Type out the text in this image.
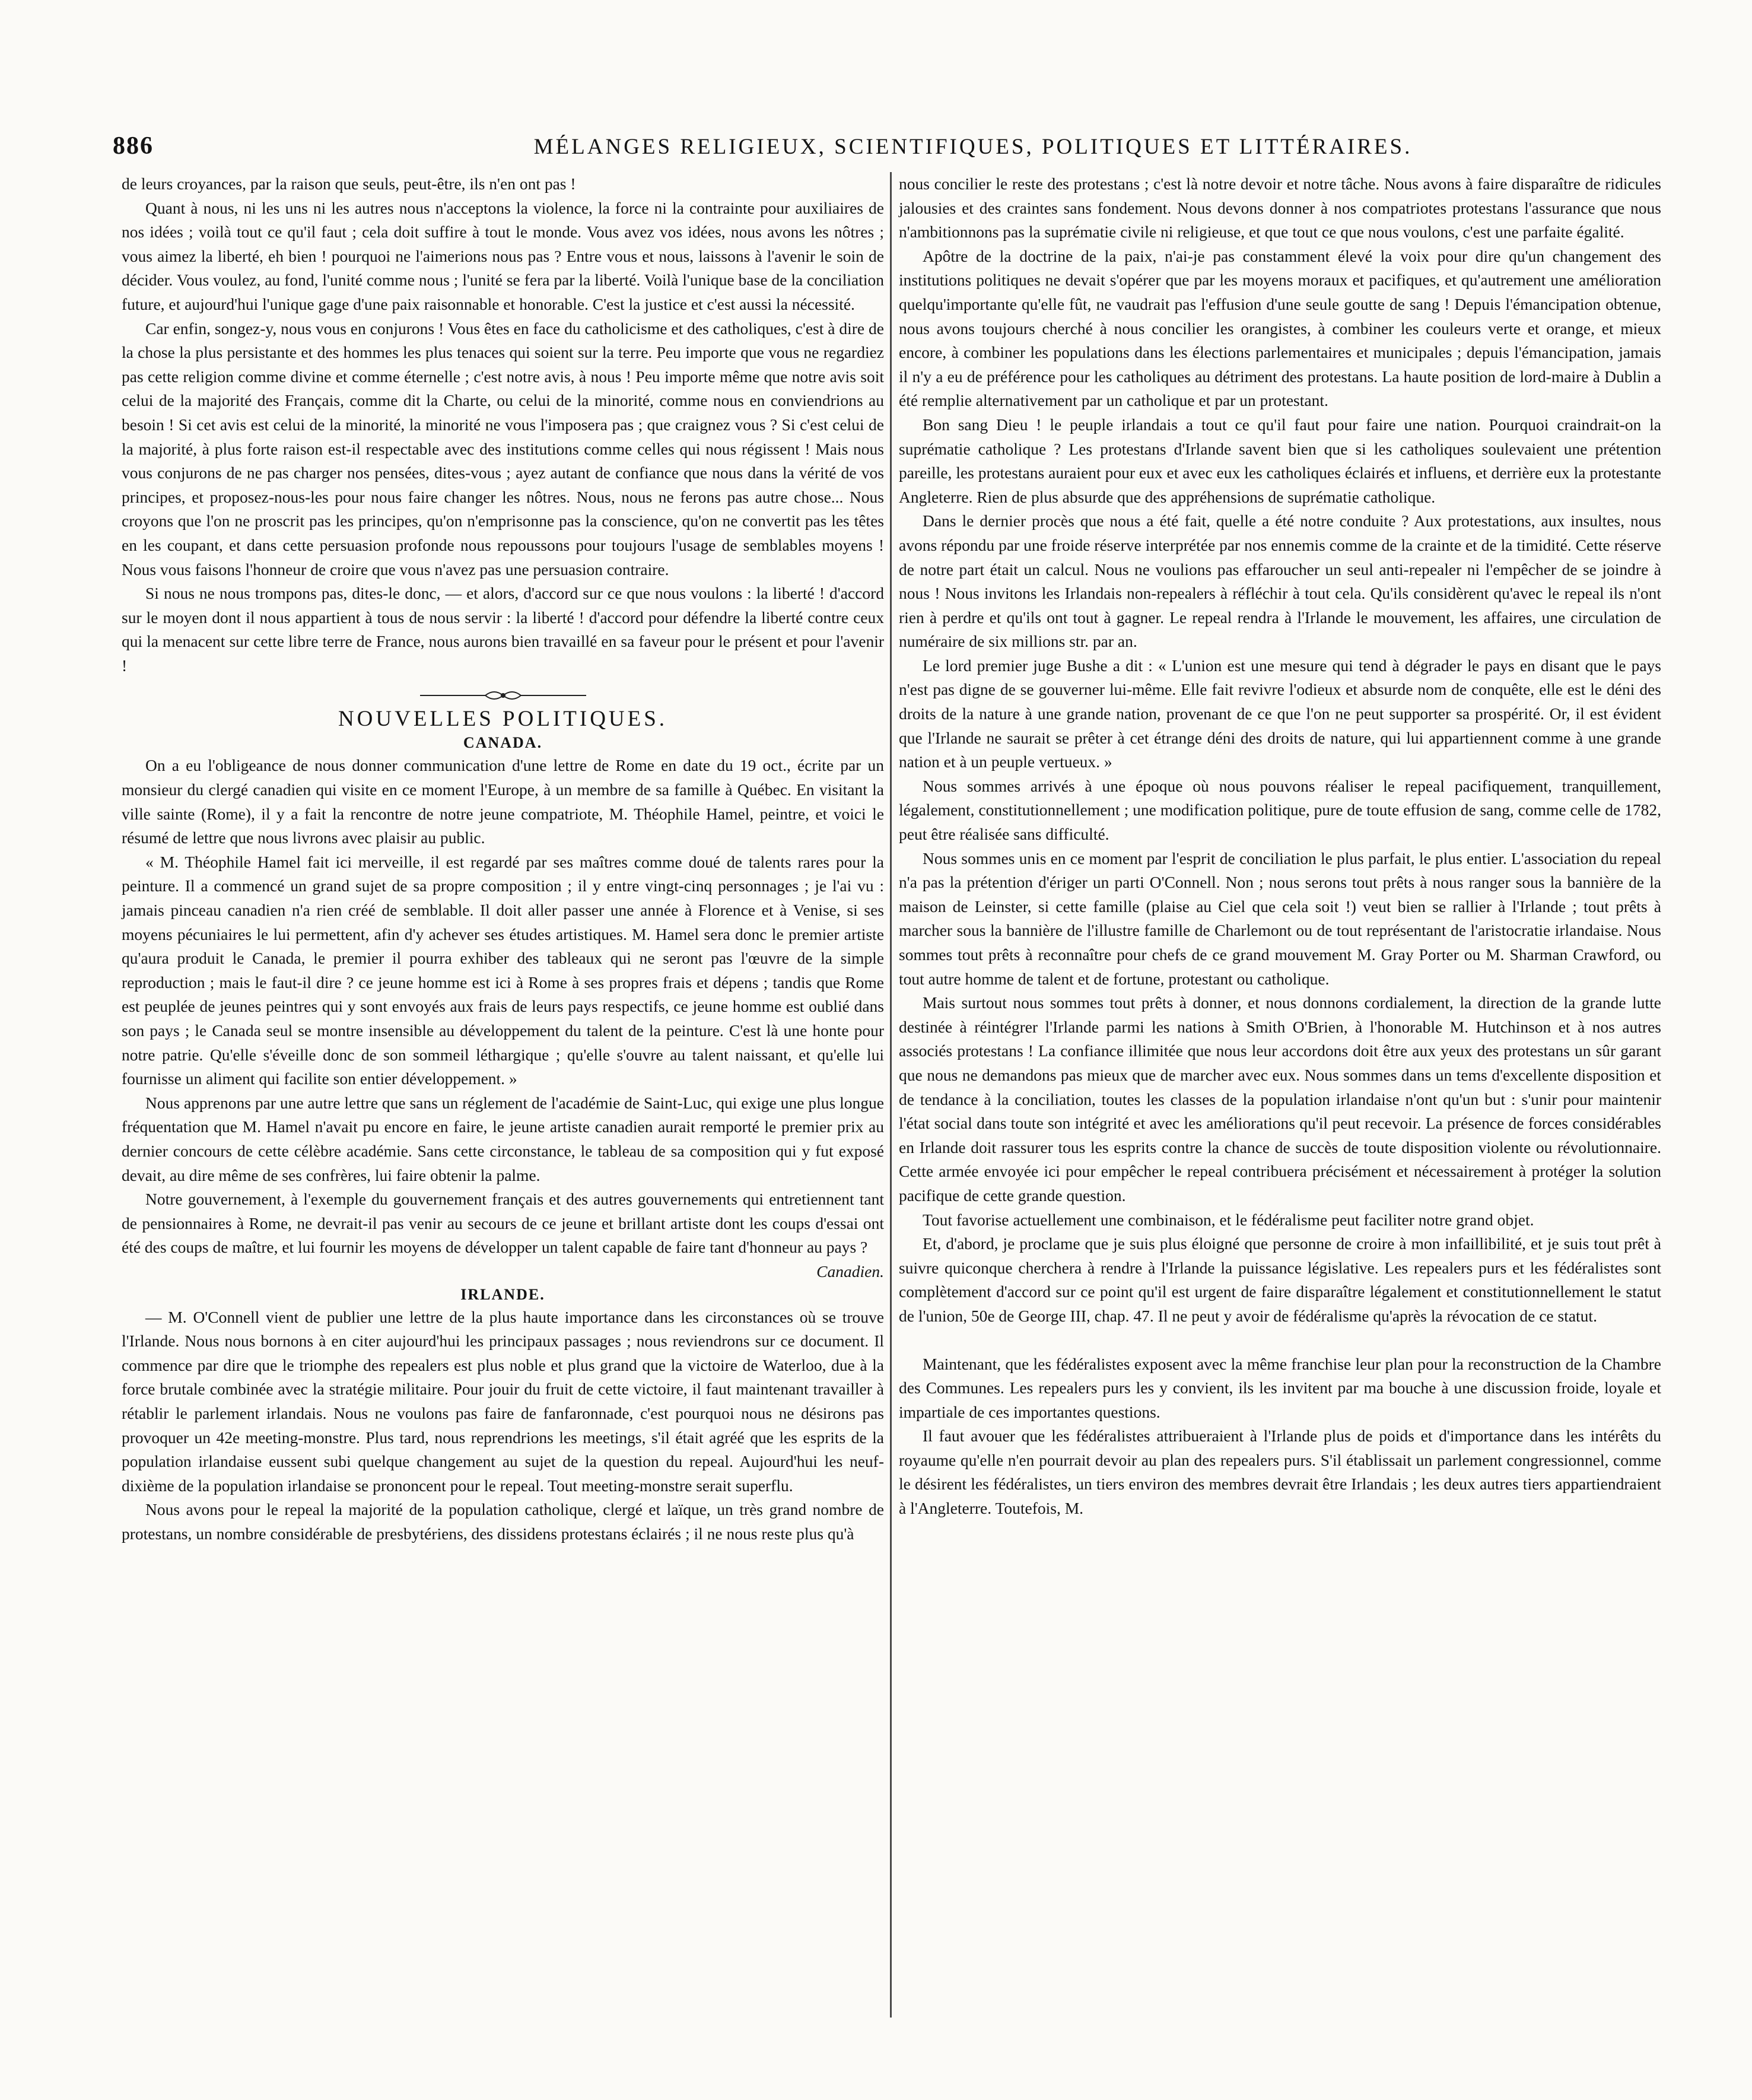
886	MÉLANGES RELIGIEUX, SCIENTIFIQUES, POLITIQUES ET LITTÉRAIRES.

de leurs croyances, par la raison que seuls, peut-être, ils n'en ont pas !

Quant à nous, ni les uns ni les autres nous n'acceptons la violence, la force ni la contrainte pour auxiliaires de nos idées ; voilà tout ce qu'il faut ; cela doit suffire à tout le monde. Vous avez vos idées, nous avons les nôtres ; vous aimez la liberté, eh bien ! pourquoi ne l'aimerions nous pas ? Entre vous et nous, laissons à l'avenir le soin de décider. Vous voulez, au fond, l'unité comme nous ; l'unité se fera par la liberté. Voilà l'unique base de la conciliation future, et aujourd'hui l'unique gage d'une paix raisonnable et honorable. C'est la justice et c'est aussi la nécessité.

Car enfin, songez-y, nous vous en conjurons ! Vous êtes en face du catholicisme et des catholiques, c'est à dire de la chose la plus persistante et des hommes les plus tenaces qui soient sur la terre. Peu importe que vous ne regardiez pas cette religion comme divine et comme éternelle ; c'est notre avis, à nous ! Peu importe même que notre avis soit celui de la majorité des Français, comme dit la Charte, ou celui de la minorité, comme nous en conviendrions au besoin ! Si cet avis est celui de la minorité, la minorité ne vous l'imposera pas ; que craignez vous ? Si c'est celui de la majorité, à plus forte raison est-il respectable avec des institutions comme celles qui nous régissent ! Mais nous vous conjurons de ne pas charger nos pensées, dites-vous ; ayez autant de confiance que nous dans la vérité de vos principes, et proposez-nous-les pour nous faire changer les nôtres. Nous, nous ne ferons pas autre chose... Nous croyons que l'on ne proscrit pas les principes, qu'on n'emprisonne pas la conscience, qu'on ne convertit pas les têtes en les coupant, et dans cette persuasion profonde nous repoussons pour toujours l'usage de semblables moyens ! Nous vous faisons l'honneur de croire que vous n'avez pas une persuasion contraire.

Si nous ne nous trompons pas, dites-le donc, — et alors, d'accord sur ce que nous voulons : la liberté ! d'accord sur le moyen dont il nous appartient à tous de nous servir : la liberté ! d'accord pour défendre la liberté contre ceux qui la menacent sur cette libre terre de France, nous aurons bien travaillé en sa faveur pour le présent et pour l'avenir !

NOUVELLES POLITIQUES.
CANADA.

On a eu l'obligeance de nous donner communication d'une lettre de Rome en date du 19 oct., écrite par un monsieur du clergé canadien qui visite en ce moment l'Europe, à un membre de sa famille à Québec. En visitant la ville sainte (Rome), il y a fait la rencontre de notre jeune compatriote, M. Théophile Hamel, peintre, et voici le résumé de lettre que nous livrons avec plaisir au public.

« M. Théophile Hamel fait ici merveille, il est regardé par ses maîtres comme doué de talents rares pour la peinture. Il a commencé un grand sujet de sa propre composition ; il y entre vingt-cinq personnages ; je l'ai vu : jamais pinceau canadien n'a rien créé de semblable. Il doit aller passer une année à Florence et à Venise, si ses moyens pécuniaires le lui permettent, afin d'y achever ses études artistiques. M. Hamel sera donc le premier artiste qu'aura produit le Canada, le premier il pourra exhiber des tableaux qui ne seront pas l'œuvre de la simple reproduction ; mais le faut-il dire ? ce jeune homme est ici à Rome à ses propres frais et dépens ; tandis que Rome est peuplée de jeunes peintres qui y sont envoyés aux frais de leurs pays respectifs, ce jeune homme est oublié dans son pays ; le Canada seul se montre insensible au développement du talent de la peinture. C'est là une honte pour notre patrie. Qu'elle s'éveille donc de son sommeil léthargique ; qu'elle s'ouvre au talent naissant, et qu'elle lui fournisse un aliment qui facilite son entier développement. »

Nous apprenons par une autre lettre que sans un réglement de l'académie de Saint-Luc, qui exige une plus longue fréquentation que M. Hamel n'avait pu encore en faire, le jeune artiste canadien aurait remporté le premier prix au dernier concours de cette célèbre académie. Sans cette circonstance, le tableau de sa composition qui y fut exposé devait, au dire même de ses confrères, lui faire obtenir la palme.

Notre gouvernement, à l'exemple du gouvernement français et des autres gouvernements qui entretiennent tant de pensionnaires à Rome, ne devrait-il pas venir au secours de ce jeune et brillant artiste dont les coups d'essai ont été des coups de maître, et lui fournir les moyens de développer un talent capable de faire tant d'honneur au pays ?

Canadien.
IRLANDE.

— M. O'Connell vient de publier une lettre de la plus haute importance dans les circonstances où se trouve l'Irlande. Nous nous bornons à en citer aujourd'hui les principaux passages ; nous reviendrons sur ce document. Il commence par dire que le triomphe des repealers est plus noble et plus grand que la victoire de Waterloo, due à la force brutale combinée avec la stratégie militaire. Pour jouir du fruit de cette victoire, il faut maintenant travailler à rétablir le parlement irlandais. Nous ne voulons pas faire de fanfaronnade, c'est pourquoi nous ne désirons pas provoquer un 42e meeting-monstre. Plus tard, nous reprendrions les meetings, s'il était agréé que les esprits de la population irlandaise eussent subi quelque changement au sujet de la question du repeal. Aujourd'hui les neuf-dixième de la population irlandaise se prononcent pour le repeal. Tout meeting-monstre serait superflu.

Nous avons pour le repeal la majorité de la population catholique, clergé et laïque, un très grand nombre de protestans, un nombre considérable de presbytériens, des dissidens protestans éclairés ; il ne nous reste plus qu'à

nous concilier le reste des protestans ; c'est là notre devoir et notre tâche. Nous avons à faire disparaître de ridicules jalousies et des craintes sans fondement. Nous devons donner à nos compatriotes protestans l'assurance que nous n'ambitionnons pas la suprématie civile ni religieuse, et que tout ce que nous voulons, c'est une parfaite égalité.

Apôtre de la doctrine de la paix, n'ai-je pas constamment élevé la voix pour dire qu'un changement des institutions politiques ne devait s'opérer que par les moyens moraux et pacifiques, et qu'autrement une amélioration quelqu'importante qu'elle fût, ne vaudrait pas l'effusion d'une seule goutte de sang ! Depuis l'émancipation obtenue, nous avons toujours cherché à nous concilier les orangistes, à combiner les couleurs verte et orange, et mieux encore, à combiner les populations dans les élections parlementaires et municipales ; depuis l'émancipation, jamais il n'y a eu de préférence pour les catholiques au détriment des protestans. La haute position de lord-maire à Dublin a été remplie alternativement par un catholique et par un protestant.

Bon sang Dieu ! le peuple irlandais a tout ce qu'il faut pour faire une nation. Pourquoi craindrait-on la suprématie catholique ? Les protestans d'Irlande savent bien que si les catholiques soulevaient une prétention pareille, les protestans auraient pour eux et avec eux les catholiques éclairés et influens, et derrière eux la protestante Angleterre. Rien de plus absurde que des appréhensions de suprématie catholique.

Dans le dernier procès que nous a été fait, quelle a été notre conduite ? Aux protestations, aux insultes, nous avons répondu par une froide réserve interprétée par nos ennemis comme de la crainte et de la timidité. Cette réserve de notre part était un calcul. Nous ne voulions pas effaroucher un seul anti-repealer ni l'empêcher de se joindre à nous ! Nous invitons les Irlandais non-repealers à réfléchir à tout cela. Qu'ils considèrent qu'avec le repeal ils n'ont rien à perdre et qu'ils ont tout à gagner. Le repeal rendra à l'Irlande le mouvement, les affaires, une circulation de numéraire de six millions str. par an.

Le lord premier juge Bushe a dit : « L'union est une mesure qui tend à dégrader le pays en disant que le pays n'est pas digne de se gouverner lui-même. Elle fait revivre l'odieux et absurde nom de conquête, elle est le déni des droits de la nature à une grande nation, provenant de ce que l'on ne peut supporter sa prospérité. Or, il est évident que l'Irlande ne saurait se prêter à cet étrange déni des droits de nature, qui lui appartiennent comme à une grande nation et à un peuple vertueux. »

Nous sommes arrivés à une époque où nous pouvons réaliser le repeal pacifiquement, tranquillement, légalement, constitutionnellement ; une modification politique, pure de toute effusion de sang, comme celle de 1782, peut être réalisée sans difficulté.

Nous sommes unis en ce moment par l'esprit de conciliation le plus parfait, le plus entier. L'association du repeal n'a pas la prétention d'ériger un parti O'Connell. Non ; nous serons tout prêts à nous ranger sous la bannière de la maison de Leinster, si cette famille (plaise au Ciel que cela soit !) veut bien se rallier à l'Irlande ; tout prêts à marcher sous la bannière de l'illustre famille de Charlemont ou de tout représentant de l'aristocratie irlandaise. Nous sommes tout prêts à reconnaître pour chefs de ce grand mouvement M. Gray Porter ou M. Sharman Crawford, ou tout autre homme de talent et de fortune, protestant ou catholique.

Mais surtout nous sommes tout prêts à donner, et nous donnons cordialement, la direction de la grande lutte destinée à réintégrer l'Irlande parmi les nations à Smith O'Brien, à l'honorable M. Hutchinson et à nos autres associés protestans ! La confiance illimitée que nous leur accordons doit être aux yeux des protestans un sûr garant que nous ne demandons pas mieux que de marcher avec eux. Nous sommes dans un tems d'excellente disposition et de tendance à la conciliation, toutes les classes de la population irlandaise n'ont qu'un but : s'unir pour maintenir l'état social dans toute son intégrité et avec les améliorations qu'il peut recevoir. La présence de forces considérables en Irlande doit rassurer tous les esprits contre la chance de succès de toute disposition violente ou révolutionnaire. Cette armée envoyée ici pour empêcher le repeal contribuera précisément et nécessairement à protéger la solution pacifique de cette grande question.

Tout favorise actuellement une combinaison, et le fédéralisme peut faciliter notre grand objet.

Et, d'abord, je proclame que je suis plus éloigné que personne de croire à mon infaillibilité, et je suis tout prêt à suivre quiconque cherchera à rendre à l'Irlande la puissance législative. Les repealers purs et les fédéralistes sont complètement d'accord sur ce point qu'il est urgent de faire disparaître légalement et constitutionnellement le statut de l'union, 50e de George III, chap. 47. Il ne peut y avoir de fédéralisme qu'après la révocation de ce statut.

Maintenant, que les fédéralistes exposent avec la même franchise leur plan pour la reconstruction de la Chambre des Communes. Les repealers purs les y convient, ils les invitent par ma bouche à une discussion froide, loyale et impartiale de ces importantes questions.

Il faut avouer que les fédéralistes attribueraient à l'Irlande plus de poids et d'importance dans les intérêts du royaume qu'elle n'en pourrait devoir au plan des repealers purs. S'il établissait un parlement congressionnel, comme le désirent les fédéralistes, un tiers environ des membres devrait être Irlandais ; les deux autres tiers appartiendraient à l'Angleterre. Toutefois, M.
